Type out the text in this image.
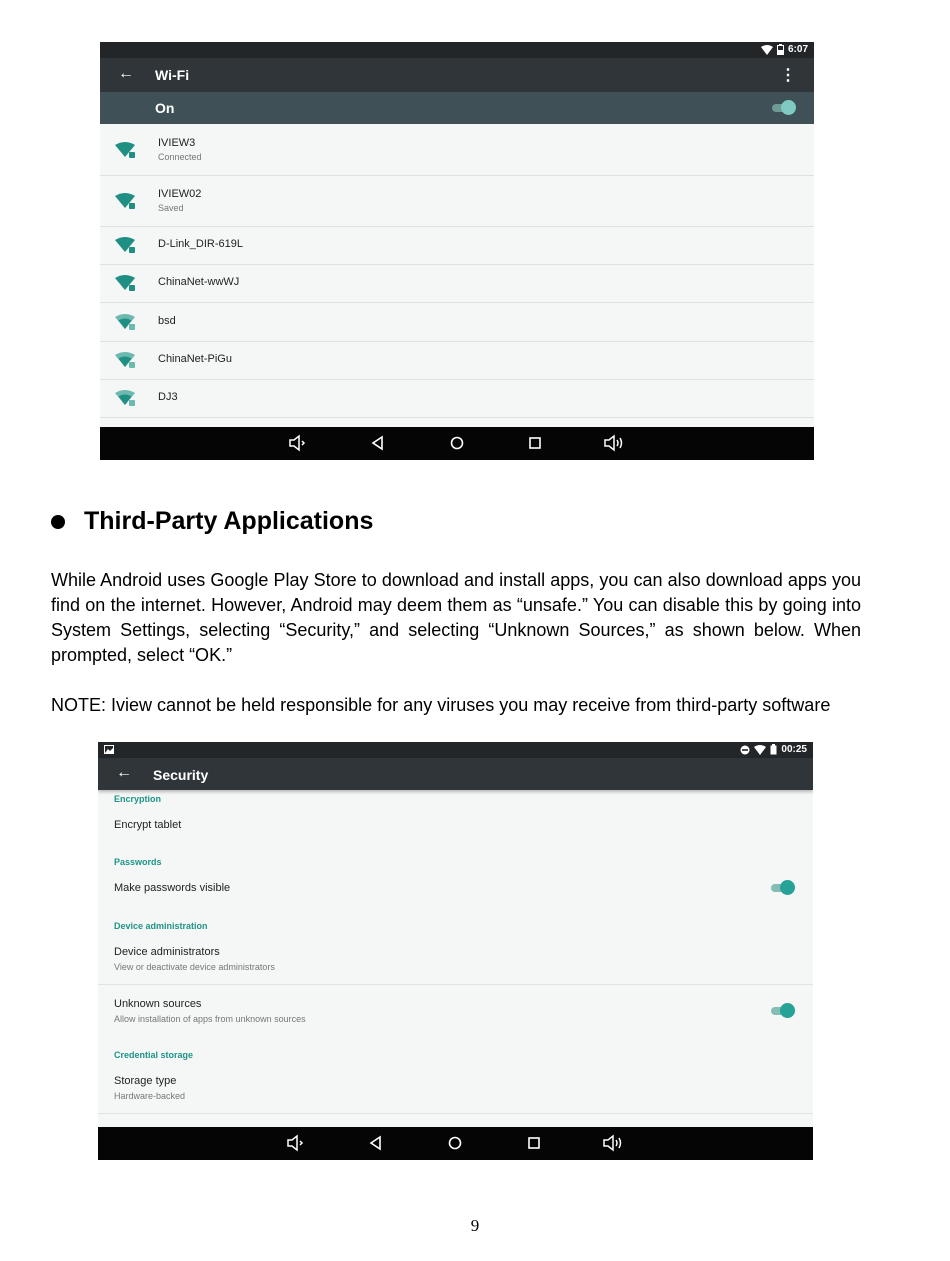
6:07
← Wi-Fi	⋮
On
IVIEW3
Connected
IVIEW02
Saved
D-Link_DIR-619L
ChinaNet-wwWJ
bsd
ChinaNet-PiGu
DJ3
Third-Party Applications

While Android uses Google Play Store to download and install apps, you can also download apps you find on the internet. However, Android may deem them as “unsafe.” You can disable this by going into System Settings, selecting “Security,” and selecting “Unknown Sources,” as shown below. When prompted, select “OK.”

NOTE: Iview cannot be held responsible for any viruses you may receive from third-party software

00:25
← Security
Encryption
Encrypt tablet
Passwords
Make passwords visible
Device administration
Device administrators
View or deactivate device administrators
Unknown sources
Allow installation of apps from unknown sources
Credential storage
Storage type
Hardware-backed
9
